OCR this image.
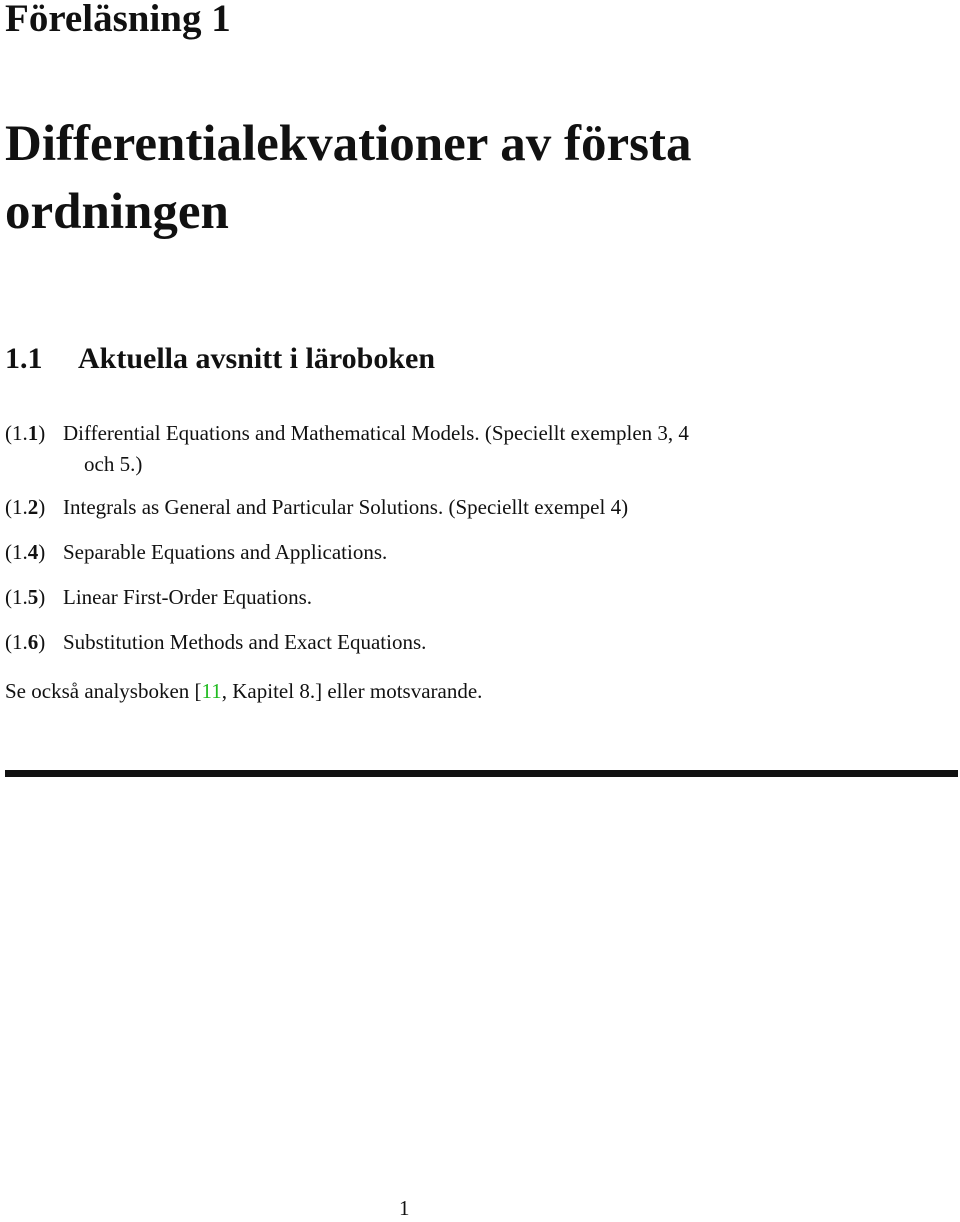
Föreläsning 1
Differentialekvationer av första ordningen
1.1 Aktuella avsnitt i läroboken
(1.1) Differential Equations and Mathematical Models. (Speciellt exemplen 3, 4
och 5.)
(1.2) Integrals as General and Particular Solutions. (Speciellt exempel 4)
(1.4) Separable Equations and Applications.
(1.5) Linear First-Order Equations.
(1.6) Substitution Methods and Exact Equations.

Se också analysboken [11, Kapitel 8.] eller motsvarande.

1
